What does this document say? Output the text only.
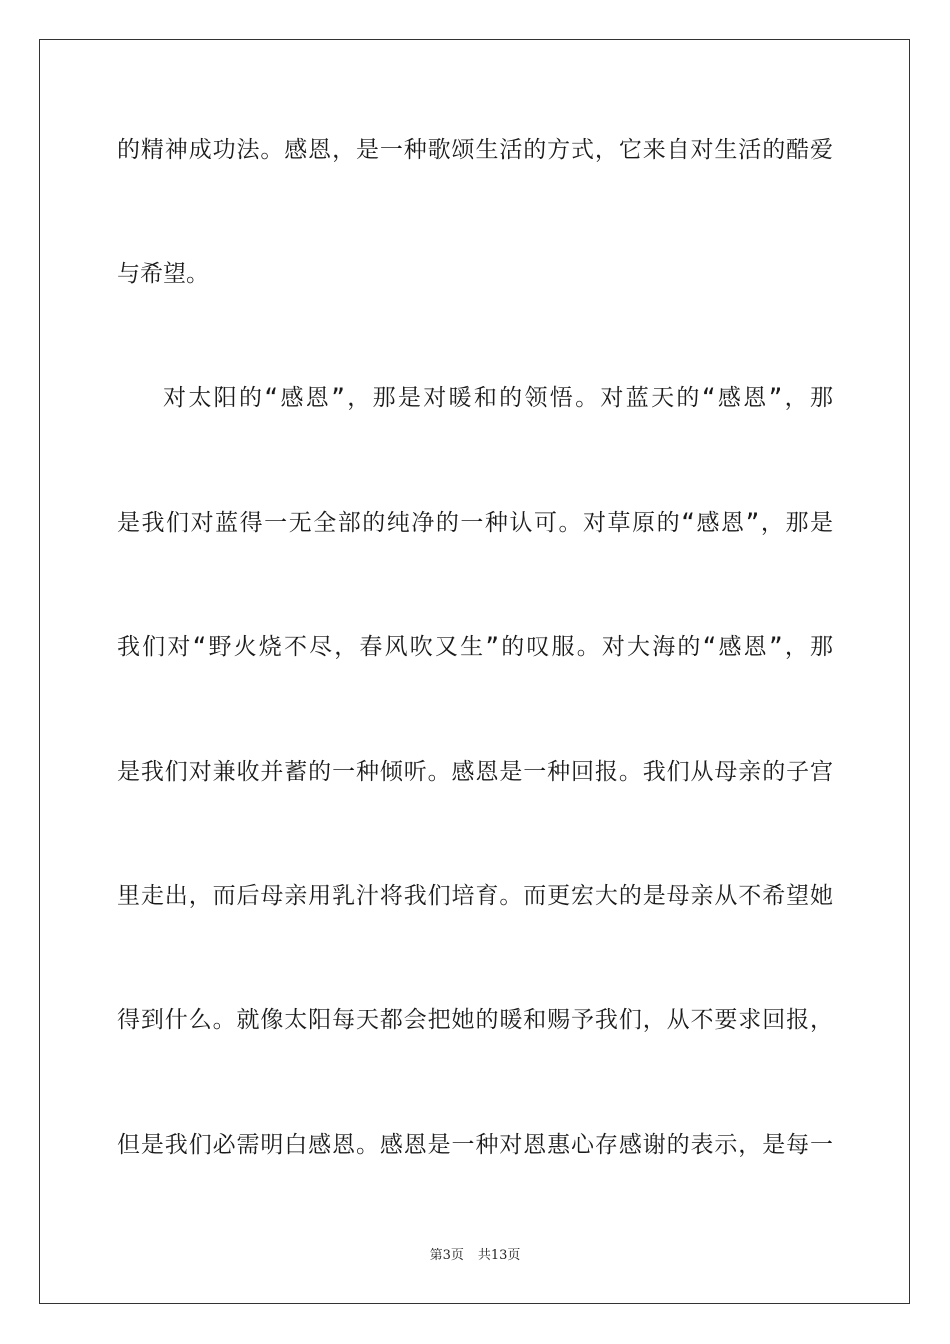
的精神成功法。感恩，是一种歌颂生活的方式，它来自对生活的酷爱
与希望。
对太阳的“感恩”，那是对暖和的领悟。对蓝天的“感恩”，那
是我们对蓝得一无全部的纯净的一种认可。对草原的“感恩”，那是
我们对“野火烧不尽，春风吹又生”的叹服。对大海的“感恩”，那
是我们对兼收并蓄的一种倾听。感恩是一种回报。我们从母亲的子宫
里走出，而后母亲用乳汁将我们培育。而更宏大的是母亲从不希望她
得到什么。就像太阳每天都会把她的暖和赐予我们，从不要求回报，
但是我们必需明白感恩。感恩是一种对恩惠心存感谢的表示，是每一
第3页 共13页
